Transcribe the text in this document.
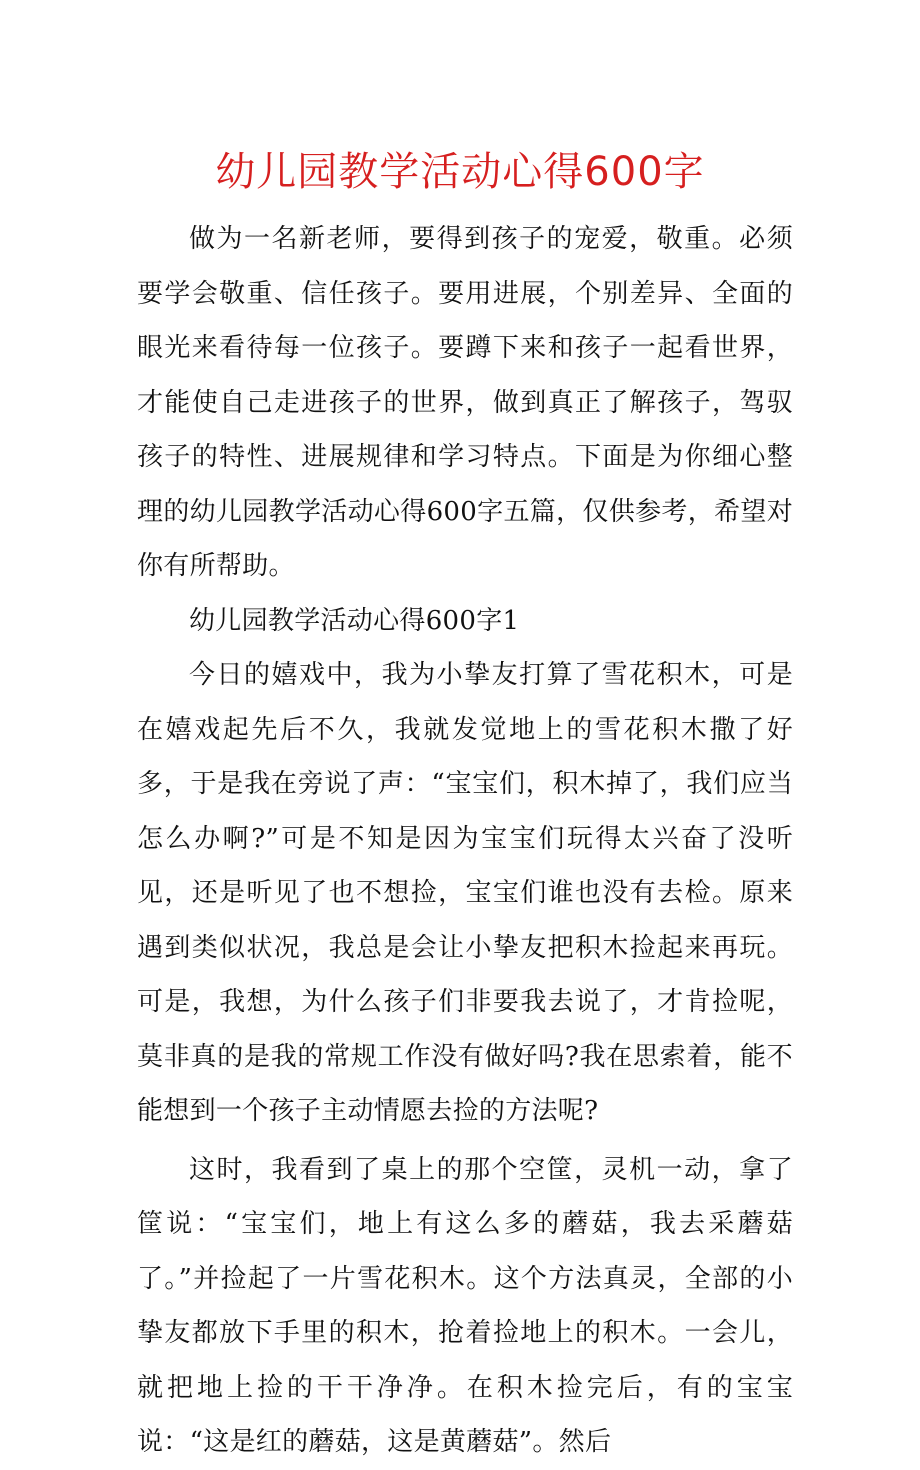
幼儿园教学活动心得600字

做为一名新老师，要得到孩子的宠爱，敬重。必须要学会敬重、信任孩子。要用进展，个别差异、全面的眼光来看待每一位孩子。要蹲下来和孩子一起看世界，才能使自己走进孩子的世界，做到真正了解孩子，驾驭孩子的特性、进展规律和学习特点。下面是为你细心整理的幼儿园教学活动心得600字五篇，仅供参考，希望对你有所帮助。

幼儿园教学活动心得600字1

今日的嬉戏中，我为小挚友打算了雪花积木，可是在嬉戏起先后不久，我就发觉地上的雪花积木撒了好多，于是我在旁说了声：“宝宝们，积木掉了，我们应当怎么办啊?”可是不知是因为宝宝们玩得太兴奋了没听见，还是听见了也不想捡，宝宝们谁也没有去检。原来遇到类似状况，我总是会让小挚友把积木捡起来再玩。可是，我想，为什么孩子们非要我去说了，才肯捡呢，莫非真的是我的常规工作没有做好吗?我在思索着，能不能想到一个孩子主动情愿去捡的方法呢?

这时，我看到了桌上的那个空筐，灵机一动，拿了筐说：“宝宝们，地上有这么多的蘑菇，我去采蘑菇了。”并捡起了一片雪花积木。这个方法真灵，全部的小挚友都放下手里的积木，抢着捡地上的积木。一会儿，就把地上捡的干干净净。在积木捡完后，有的宝宝说：“这是红的蘑菇，这是黄蘑菇”。然后
